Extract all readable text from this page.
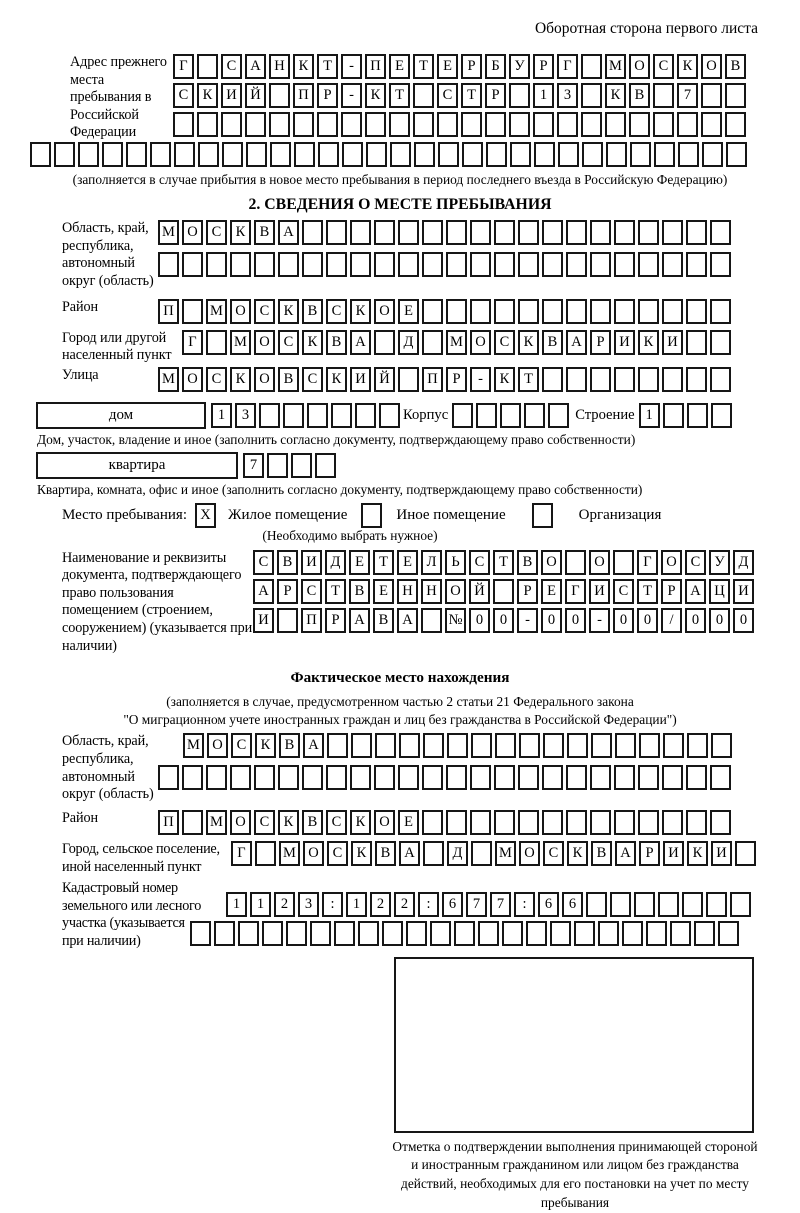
Оборотная сторона первого листа
Адрес прежнего места пребывания в Российской Федерации
Г	С А Н К	Т	-	П Е	Т	Е	Р	Б	У	Р	Г	М О С К О В
С К И Й	П	Р	-	К	Т	С	Т	Р	1	3	К В	7
(заполняется в случае прибытия в новое место пребывания в период последнего въезда в Российскую Федерацию)
2. СВЕДЕНИЯ О МЕСТЕ ПРЕБЫВАНИЯ
Область, край, республика, автономный округ (область)
М О С К В А
Район	П	М О С К В С К О Е
Город или другой населенный пункт
Г	М О С К В А	Д	М О С К В А	Р	И К И
Улица	М О С К О В С К И Й	П	Р	-	К	Т
дом	1	3	Корпус	Строение 1
Дом, участок, владение и иное (заполнить согласно документу, подтверждающему право собственности)
квартира	7
Квартира, комната, офис и иное (заполнить согласно документу, подтверждающему право собственности)
Место пребывания: Х	Жилое помещение	Иное помещение	Организация
(Необходимо выбрать нужное)
Наименование и реквизиты документа, подтверждающего право пользования помещением (строением, сооружением) (указывается при наличии)
С В И Д	Е	Т	Е	Л	Ь	С	Т	В О	О	Г	О С У Д
А	Р	С	Т	В	Е Н Н О Й	Р	Е	Г	И С	Т	Р	А Ц И
И	П	Р	А В А	№ 0	0	-	0	0	-	0	0	/	0	0	0
Фактическое место нахождения
(заполняется в случае, предусмотренном частью 2 статьи 21 Федерального закона
"О миграционном учете иностранных граждан и лиц без гражданства в Российской Федерации")
Область, край, республика, автономный округ (область)
М О С К В А
Район	П	М О С К В С К О Е
Город, сельское поселение, иной населенный пункт
Г	М О С К В А	Д	М О С К В А	Р	И К И
Кадастровый номер земельного или лесного участка (указывается при наличии)
1	1	2	3	:	1	2	2	:	6	7	7	:	6	6
Отметка о подтверждении выполнения принимающей стороной и иностранным гражданином или лицом без гражданства действий, необходимых для его постановки на учет по месту пребывания
